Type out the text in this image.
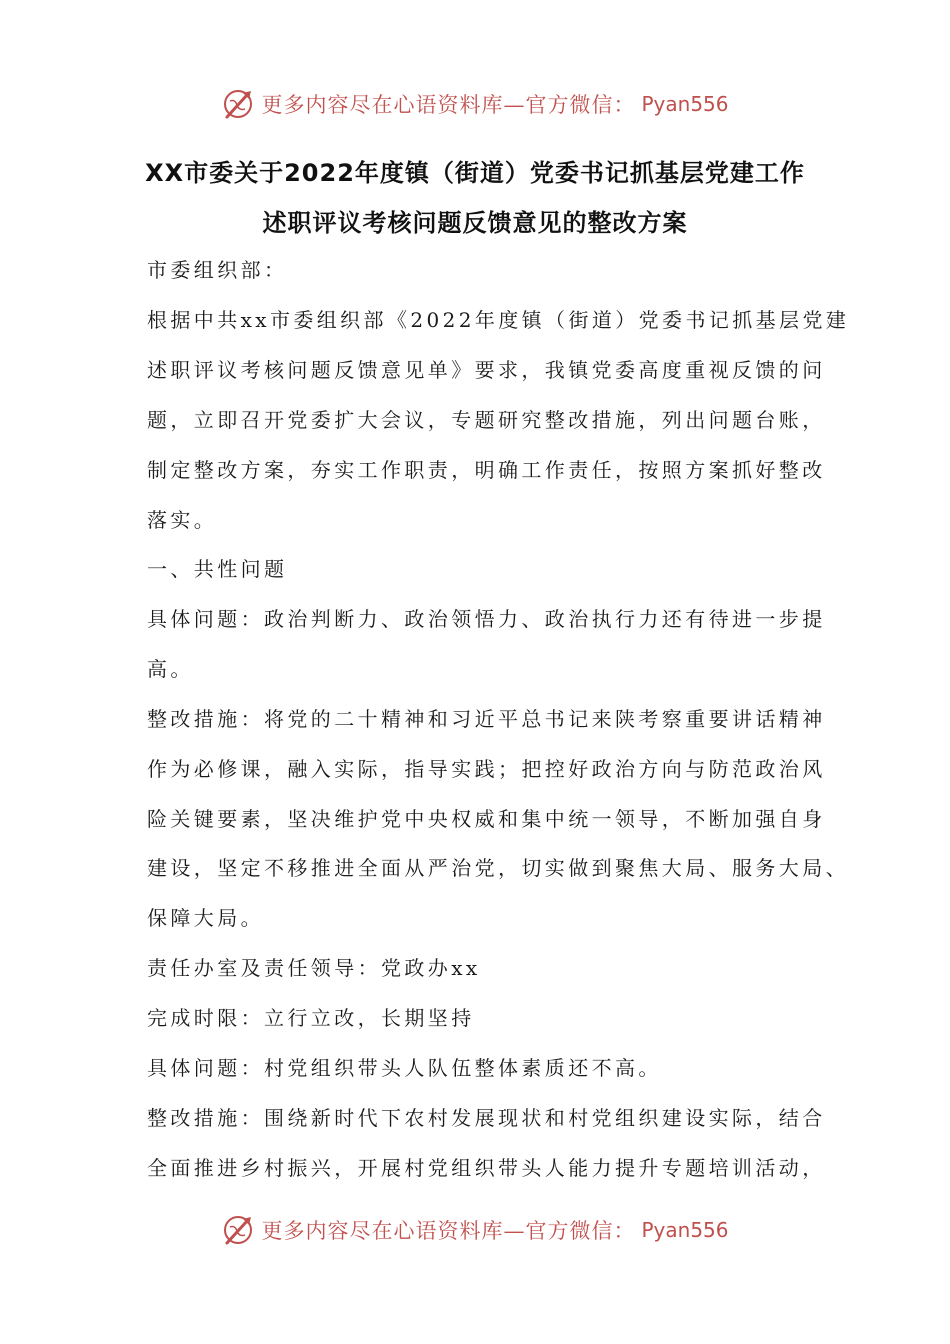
更多内容尽在心语资料库—官方微信： Pyan556
XX市委关于2022年度镇（街道）党委书记抓基层党建工作
述职评议考核问题反馈意见的整改方案
市委组织部：
根据中共xx市委组织部《2022年度镇（街道）党委书记抓基层党建
述职评议考核问题反馈意见单》要求，我镇党委高度重视反馈的问
题，立即召开党委扩大会议，专题研究整改措施，列出问题台账，
制定整改方案，夯实工作职责，明确工作责任，按照方案抓好整改
落实。
一、共性问题
具体问题：政治判断力、政治领悟力、政治执行力还有待进一步提
高。
整改措施：将党的二十精神和习近平总书记来陕考察重要讲话精神
作为必修课，融入实际，指导实践；把控好政治方向与防范政治风
险关键要素，坚决维护党中央权威和集中统一领导，不断加强自身
建设，坚定不移推进全面从严治党，切实做到聚焦大局、服务大局、
保障大局。
责任办室及责任领导：党政办xx
完成时限：立行立改，长期坚持
具体问题：村党组织带头人队伍整体素质还不高。
整改措施：围绕新时代下农村发展现状和村党组织建设实际，结合
全面推进乡村振兴，开展村党组织带头人能力提升专题培训活动，
更多内容尽在心语资料库—官方微信： Pyan556
